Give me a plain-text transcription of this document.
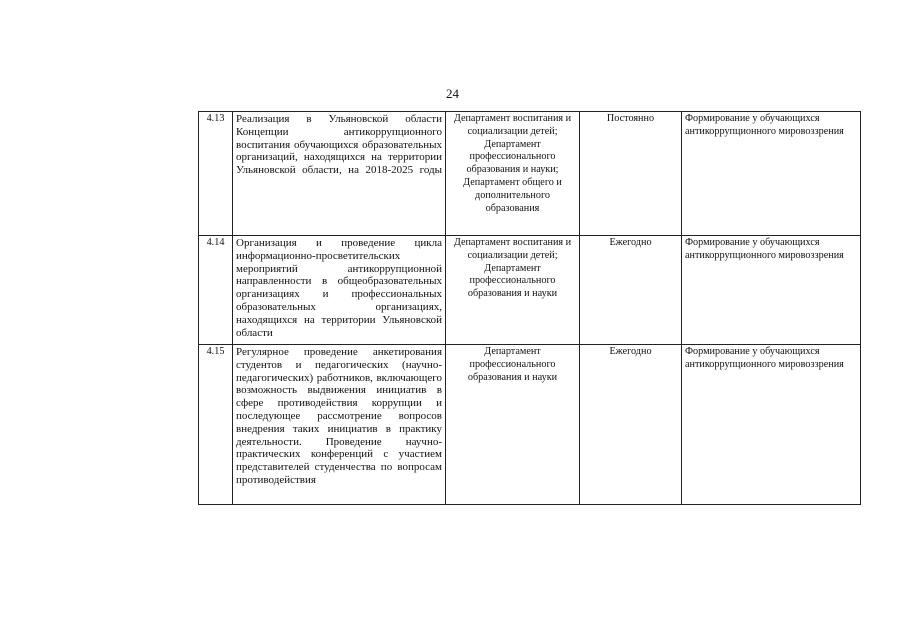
24
4.13	Реализация в Ульяновской области Концепции антикоррупционного воспитания обучающихся образовательных организаций, находящихся на территории Ульяновской области, на 2018-2025 годы	Департамент воспитания и социализации детей; Департамент профессионального образования и науки; Департамент общего и дополнительного образования	Постоянно	Формирование у обучающихся антикоррупционного мировоззрения
4.14	Организация и проведение цикла информационно-просветительских мероприятий антикоррупционной направленности в общеобразовательных организациях и профессиональных образовательных организациях, находящихся на территории Ульяновской области	Департамент воспитания и социализации детей; Департамент профессионального образования и науки	Ежегодно	Формирование у обучающихся антикоррупционного мировоззрения
4.15	Регулярное проведение анкетирования студентов и педагогических (научно-педагогических) работников, включающего возможность выдвижения инициатив в сфере противодействия коррупции и последующее рассмотрение вопросов внедрения таких инициатив в практику деятельности. Проведение научно-практических конференций с участием представителей студенчества по вопросам противодействия	Департамент профессионального образования и науки	Ежегодно	Формирование у обучающихся антикоррупционного мировоззрения
